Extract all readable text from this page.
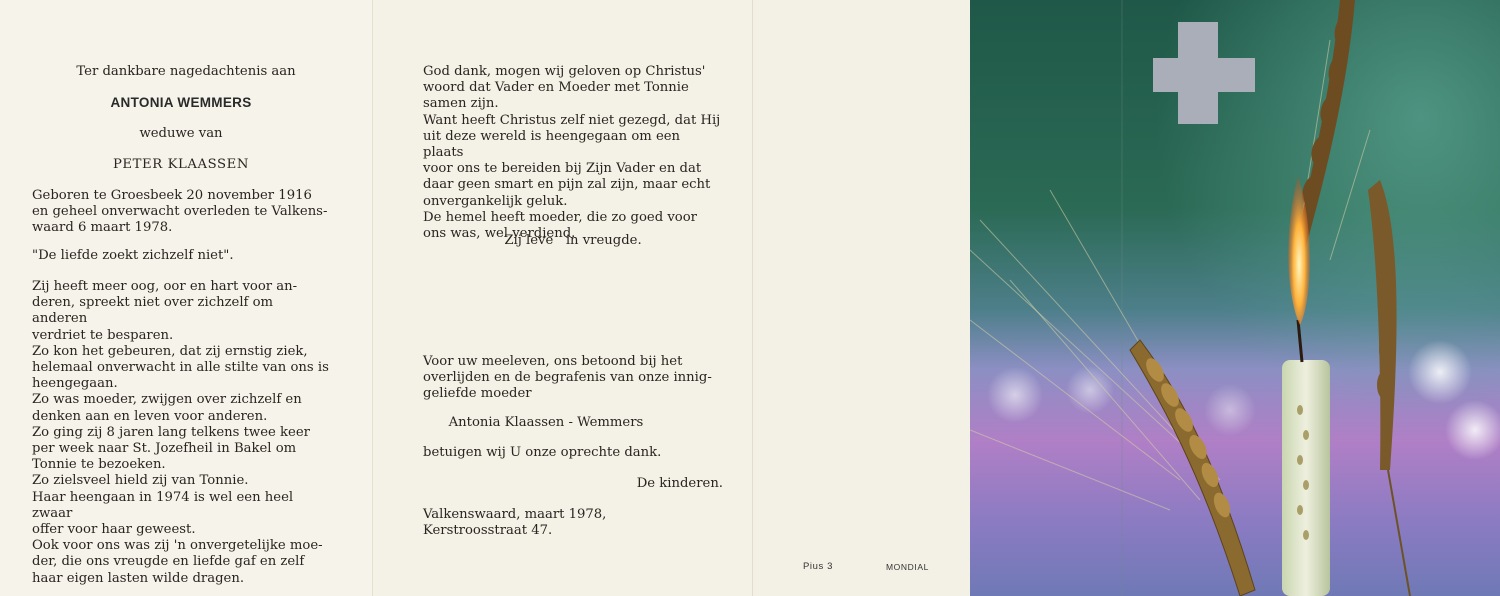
Ter dankbare nagedachtenis aan
ANTONIA WEMMERS
weduwe van
PETER KLAASSEN
Geboren te Groesbeek 20 november 1916
en geheel onverwacht overleden te Valkens-
waard 6 maart 1978.
"De liefde zoekt zichzelf niet".
Zij heeft meer oog, oor en hart voor an-
deren, spreekt niet over zichzelf om anderen
verdriet te besparen.
Zo kon het gebeuren, dat zij ernstig ziek,
helemaal onverwacht in alle stilte van ons is
heengegaan.
Zo was moeder, zwijgen over zichzelf en
denken aan en leven voor anderen.
Zo ging zij 8 jaren lang telkens twee keer
per week naar St. Jozefheil in Bakel om
Tonnie te bezoeken.
Zo zielsveel hield zij van Tonnie.
Haar heengaan in 1974 is wel een heel zwaar
offer voor haar geweest.
Ook voor ons was zij 'n onvergetelijke moe-
der, die ons vreugde en liefde gaf en zelf
haar eigen lasten wilde dragen.
God dank, mogen wij geloven op Christus'
woord dat Vader en Moeder met Tonnie
samen zijn.
Want heeft Christus zelf niet gezegd, dat Hij
uit deze wereld is heengegaan om een plaats
voor ons te bereiden bij Zijn Vader en dat
daar geen smart en pijn zal zijn, maar echt
onvergankelijk geluk.
De hemel heeft moeder, die zo goed voor
ons was, wel verdiend.
Zij leve   in vreugde.
Voor uw meeleven, ons betoond bij het
overlijden en de begrafenis van onze innig-
geliefde moeder
Antonia Klaassen - Wemmers
betuigen wij U onze oprechte dank.
De kinderen.
Valkenswaard, maart 1978,
Kerstroosstraat 47.
Pius 3	MONDIAL
